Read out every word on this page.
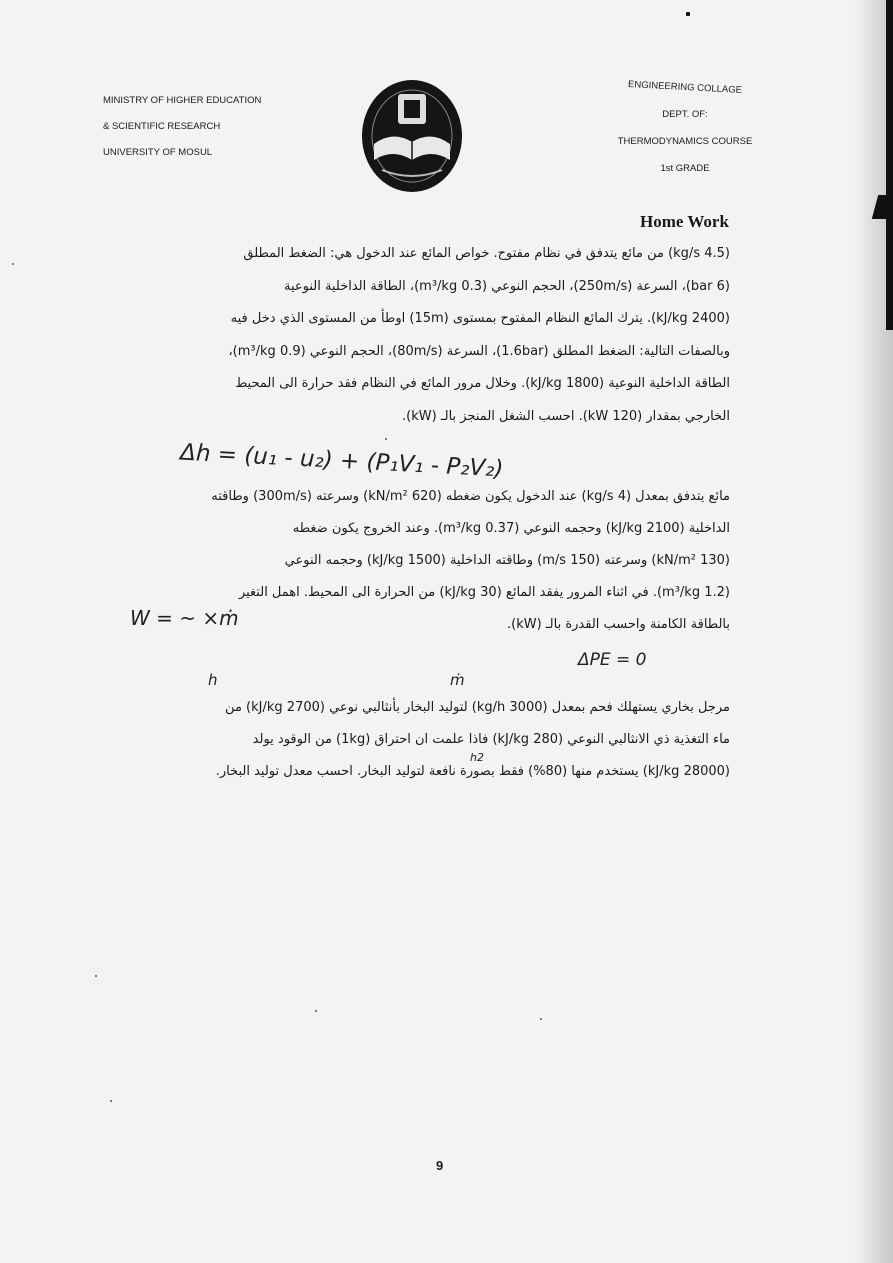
MINISTRY OF HIGHER EDUCATION
& SCIENTIFIC RESEARCH
UNIVERSITY OF MOSUL
ENGINEERING COLLAGE
DEPT. OF:
THERMODYNAMICS COURSE
1st GRADE
Home Work

(4.5 kg/s) من مائع يتدفق في نظام مفتوح. خواص المائع عند الدخول هي: الضغط المطلق

(6 bar)، السرعة (250m/s)، الحجم النوعي (0.3 m³/kg)، الطاقة الداخلية النوعية

(2400 kJ/kg). يترك المائع النظام المفتوح بمستوى (15m) اوطأ من المستوى الذي دخل فيه

وبالصفات التالية: الضغط المطلق (1.6bar)، السرعة (80m/s)، الحجم النوعي (0.9 m³/kg)،

الطاقة الداخلية النوعية (1800 kJ/kg). وخلال مرور المائع في النظام فقد حرارة الى المحيط

الخارجي بمقدار (120 kW). احسب الشغل المنجز بالـ (kW).

Δh = (u₁ - u₂) + (P₁V₁ - P₂V₂)

مائع يتدفق بمعدل (4 kg/s) عند الدخول يكون ضغطه (620 kN/m²) وسرعته (300m/s) وطاقته

الداخلية (2100 kJ/kg) وحجمه النوعي (0.37 m³/kg). وعند الخروج يكون ضغطه

(130 kN/m²) وسرعته (150 m/s) وطاقته الداخلية (1500 kJ/kg) وحجمه النوعي

(1.2 m³/kg). في اثناء المرور يفقد المائع (30 kJ/kg) من الحرارة الى المحيط. اهمل التغير

بالطاقة الكامنة واحسب القدرة بالـ (kW).

W = ~ ×ṁ
ΔPE = 0
h	ṁ

مرجل بخاري يستهلك فحم بمعدل (3000 kg/h) لتوليد البخار بأنثالبي نوعي (2700 kJ/kg) من

ماء التغذية ذي الانثالبي النوعي (280 kJ/kg) فاذا علمت ان احتراق (1kg) من الوقود يولد

(28000 kJ/kg) يستخدم منها (80%) فقط بصورة نافعة لتوليد البخار. احسب معدل توليد البخار.

h2
9
